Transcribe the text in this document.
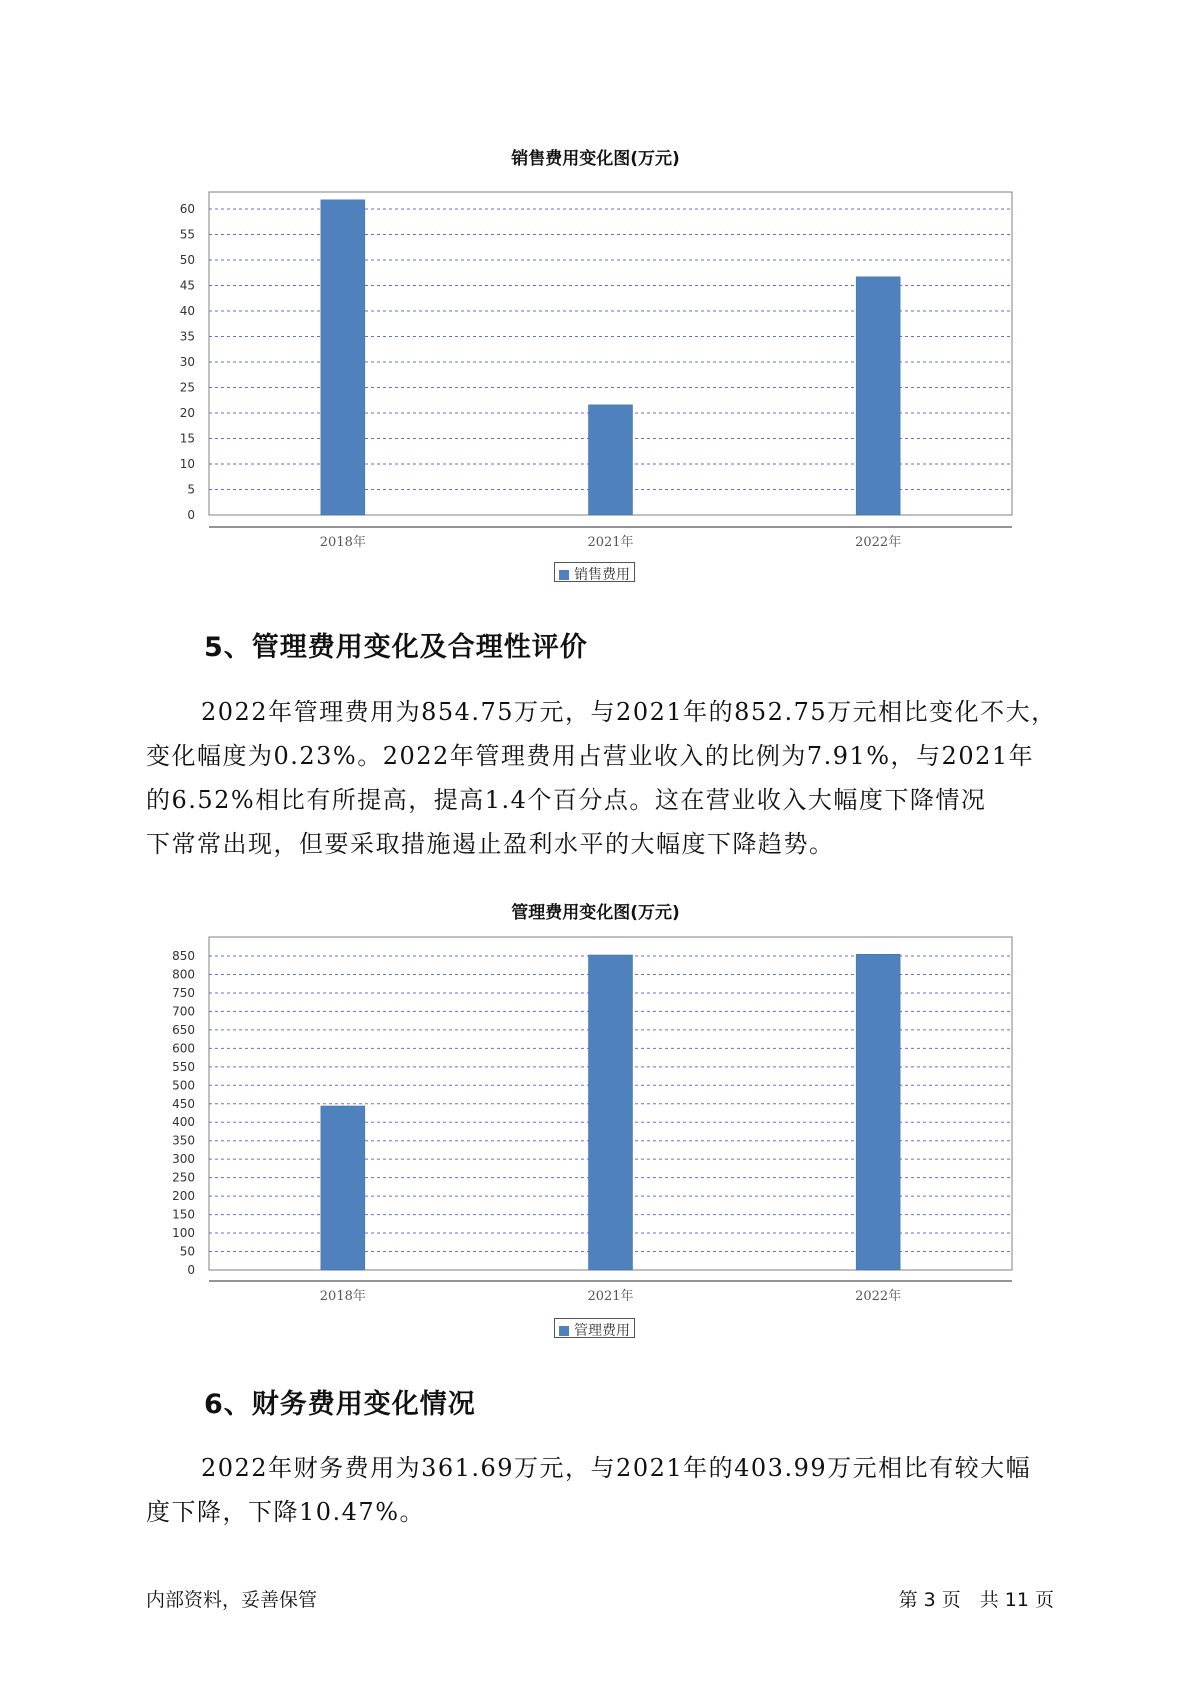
销售费用变化图(万元)
0
5
10
15
20
25
30
35
40
45
50
55
60
2018年	2021年	2022年
销售费用
5、管理费用变化及合理性评价
2022年管理费用为854.75万元，与2021年的852.75万元相比变化不大，
变化幅度为0.23%。2022年管理费用占营业收入的比例为7.91%，与2021年
的6.52%相比有所提高，提高1.4个百分点。这在营业收入大幅度下降情况
下常常出现，但要采取措施遏止盈利水平的大幅度下降趋势。
管理费用变化图(万元)
0
50
100
150
200
250
300
350
400
450
500
550
600
650
700
750
800
850
2018年	2021年	2022年
管理费用
6、财务费用变化情况
2022年财务费用为361.69万元，与2021年的403.99万元相比有较大幅
度下降，下降10.47%。
内部资料，妥善保管	第 3 页　共 11 页
